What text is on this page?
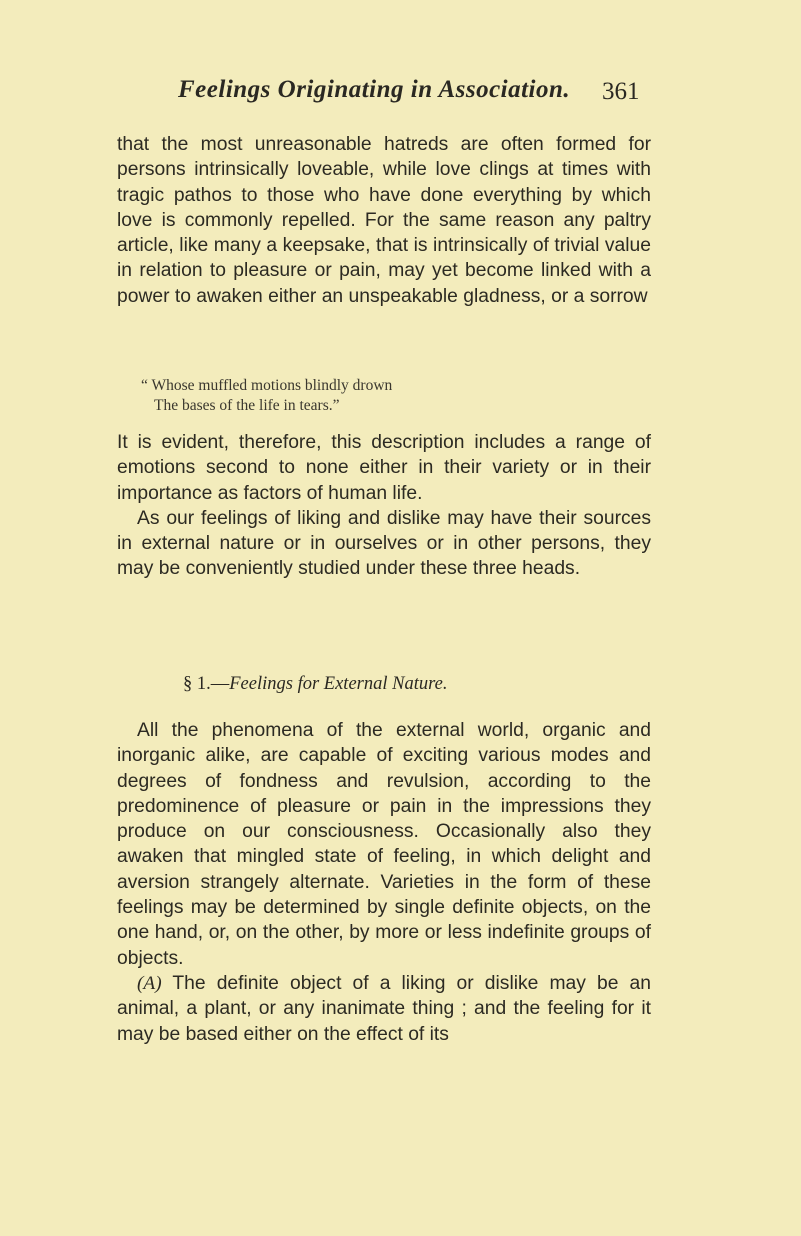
Feelings Originating in Association.	361

that the most unreasonable hatreds are often formed for persons intrinsically loveable, while love clings at times with tragic pathos to those who have done everything by which love is commonly repelled. For the same reason any paltry article, like many a keepsake, that is intrinsically of trivial value in relation to pleasure or pain, may yet become linked with a power to awaken either an unspeakable gladness, or a sorrow

“ Whose muffled motions blindly drown
The bases of the life in tears.”

It is evident, therefore, this description includes a range of emotions second to none either in their variety or in their importance as factors of human life.

As our feelings of liking and dislike may have their sources in external nature or in ourselves or in other persons, they may be conveniently studied under these three heads.

§ 1.—Feelings for External Nature.

All the phenomena of the external world, organic and inorganic alike, are capable of exciting various modes and degrees of fondness and revulsion, according to the predominence of pleasure or pain in the impressions they produce on our consciousness. Occasionally also they awaken that mingled state of feeling, in which delight and aversion strangely alternate. Varieties in the form of these feelings may be determined by single definite objects, on the one hand, or, on the other, by more or less indefinite groups of objects.

(A) The definite object of a liking or dislike may be an animal, a plant, or any inanimate thing ; and the feeling for it may be based either on the effect of its
